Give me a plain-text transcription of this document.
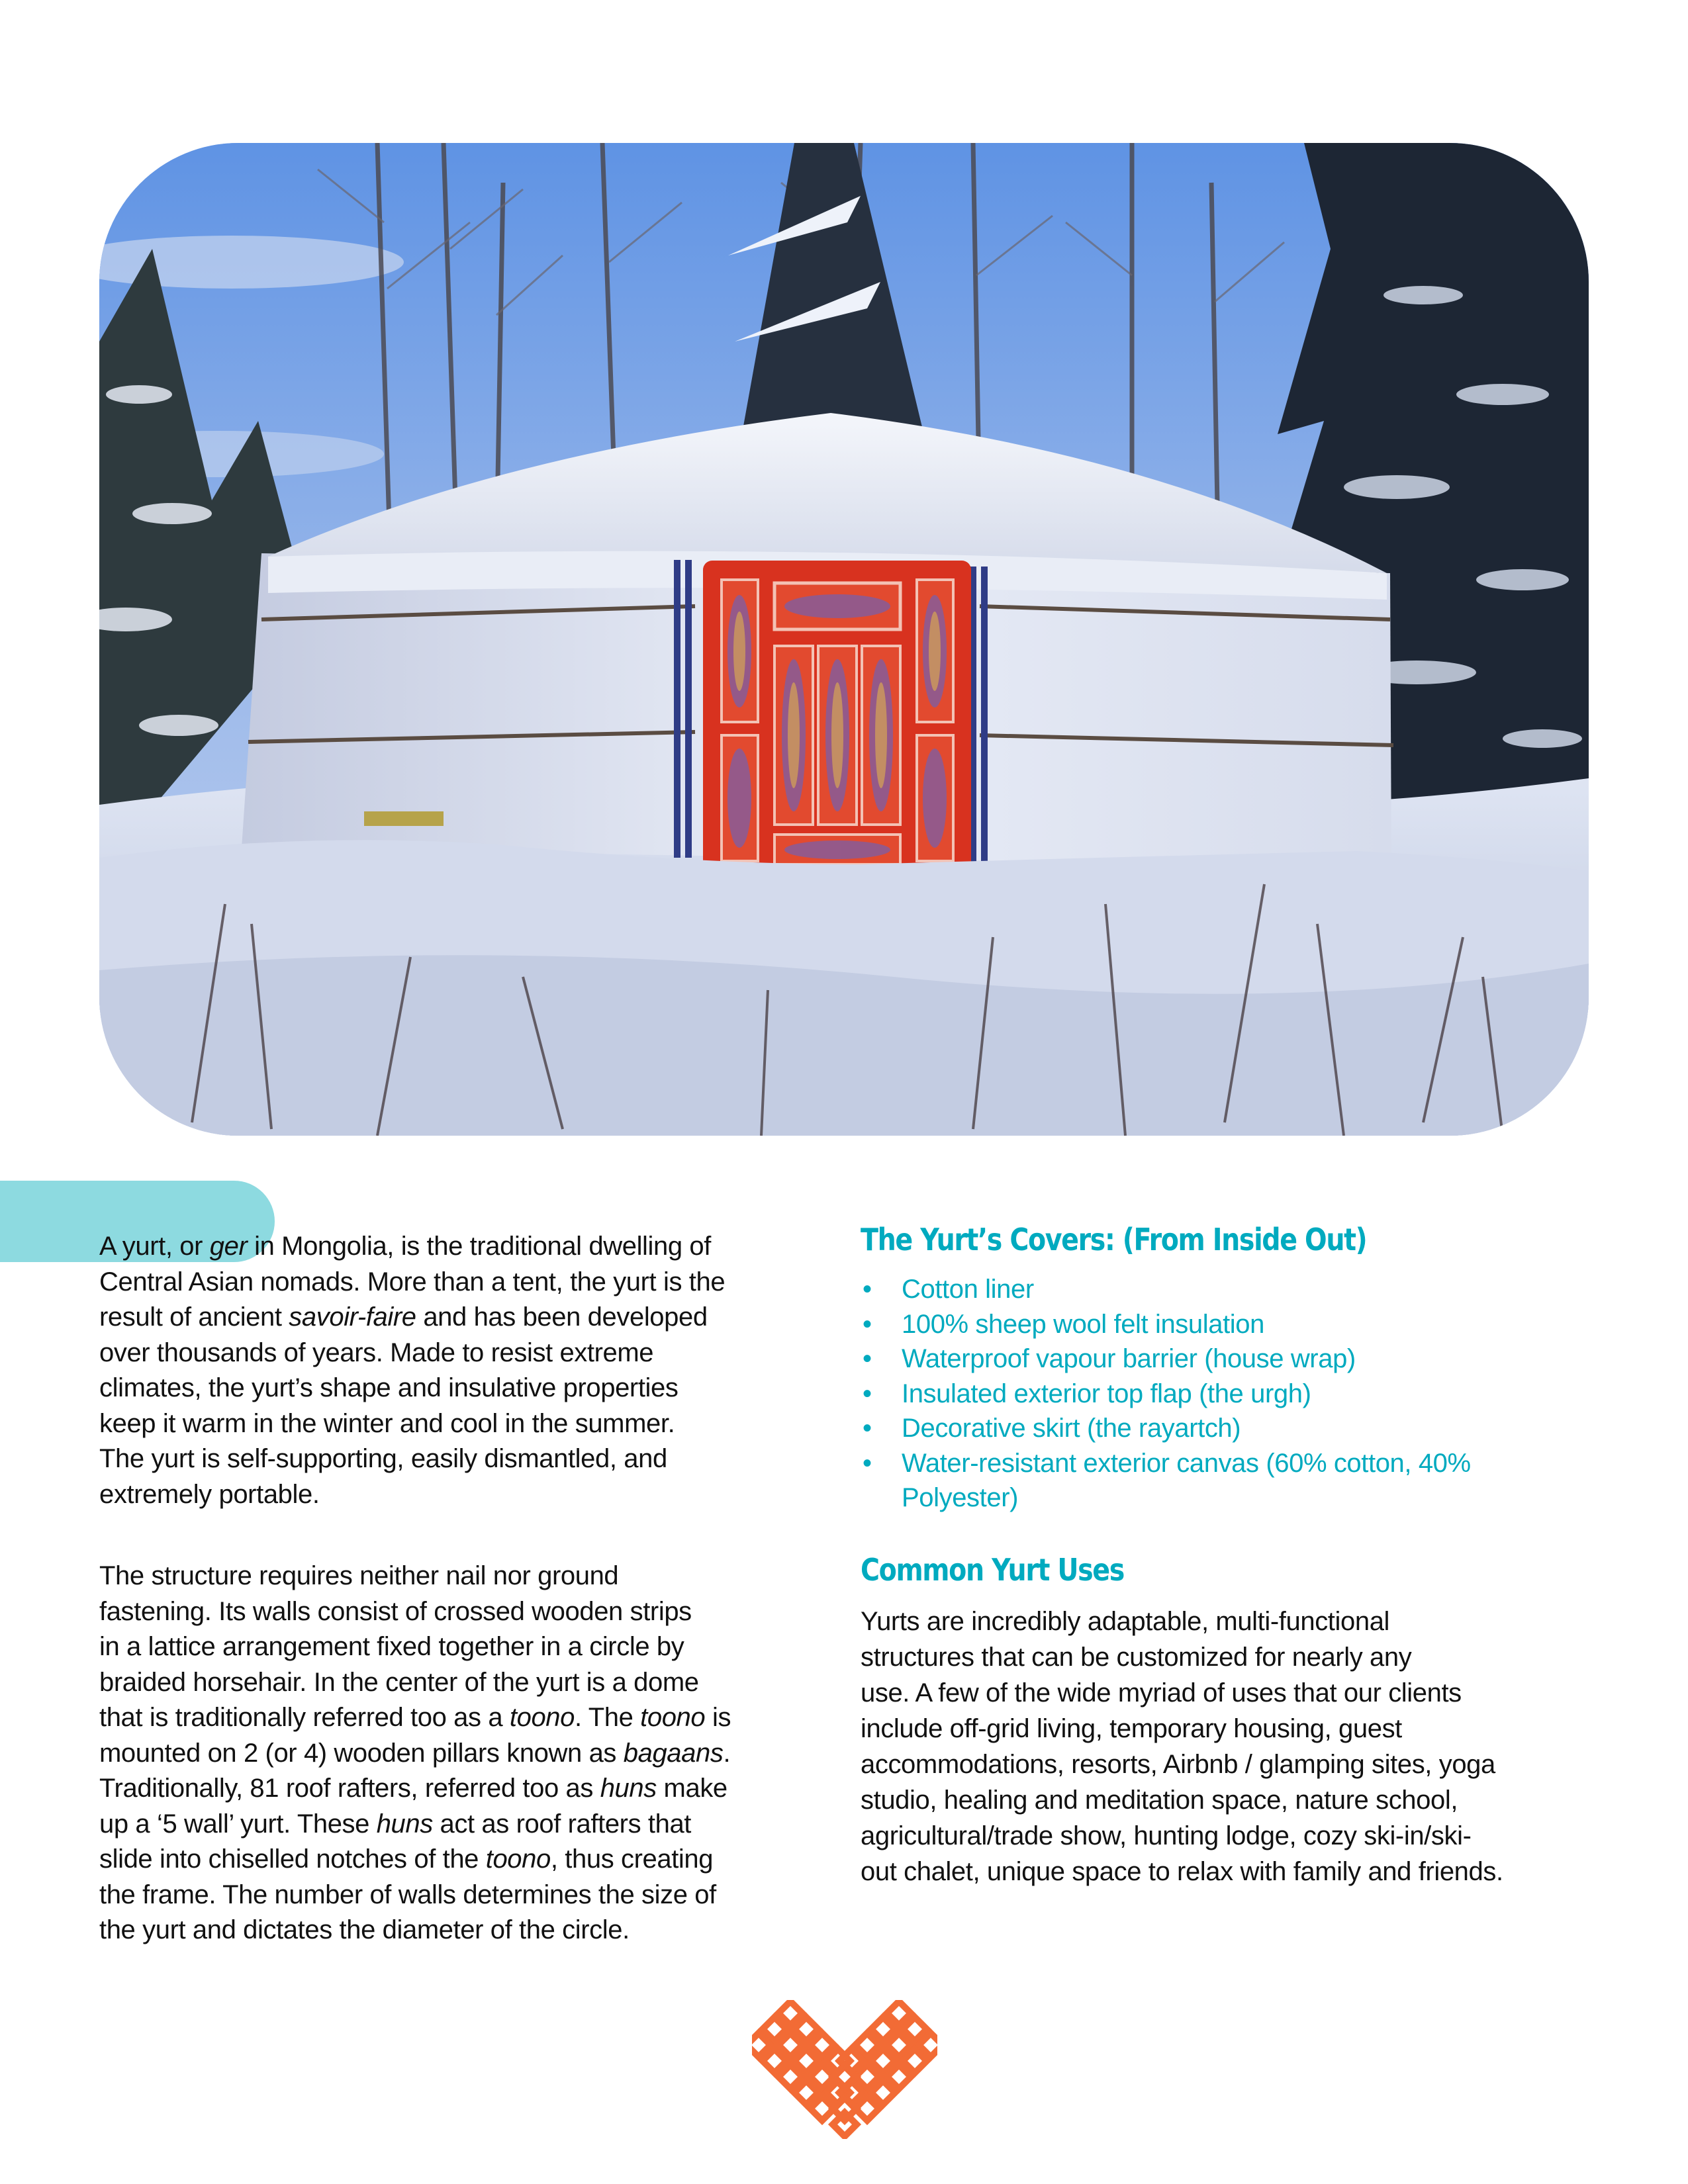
A yurt, or ger in Mongolia, is the traditional dwelling of
Central Asian nomads. More than a tent, the yurt is the
result of ancient savoir-faire and has been developed
over thousands of years. Made to resist extreme
climates, the yurt’s shape and insulative properties
keep it warm in the winter and cool in the summer.
The yurt is self-supporting, easily dismantled, and
extremely portable.
The structure requires neither nail nor ground
fastening. Its walls consist of crossed wooden strips
in a lattice arrangement fixed together in a circle by
braided horsehair. In the center of the yurt is a dome
that is traditionally referred too as a toono. The toono is
mounted on 2 (or 4) wooden pillars known as bagaans.
Traditionally, 81 roof rafters, referred too as huns make
up a ‘5 wall’ yurt. These huns act as roof rafters that
slide into chiselled notches of the toono, thus creating
the frame. The number of walls determines the size of
the yurt and dictates the diameter of the circle.
The Yurt’s Covers: (From Inside Out)
• Cotton liner
• 100% sheep wool felt insulation
• Waterproof vapour barrier (house wrap)
• Insulated exterior top flap (the urgh)
• Decorative skirt (the rayartch)
• Water-resistant exterior canvas (60% cotton, 40%
Polyester)
Common Yurt Uses
Yurts are incredibly adaptable, multi-functional
structures that can be customized for nearly any
use. A few of the wide myriad of uses that our clients
include off-grid living, temporary housing, guest
accommodations, resorts, Airbnb / glamping sites, yoga
studio, healing and meditation space, nature school,
agricultural/trade show, hunting lodge, cozy ski-in/ski-
out chalet, unique space to relax with family and friends.
